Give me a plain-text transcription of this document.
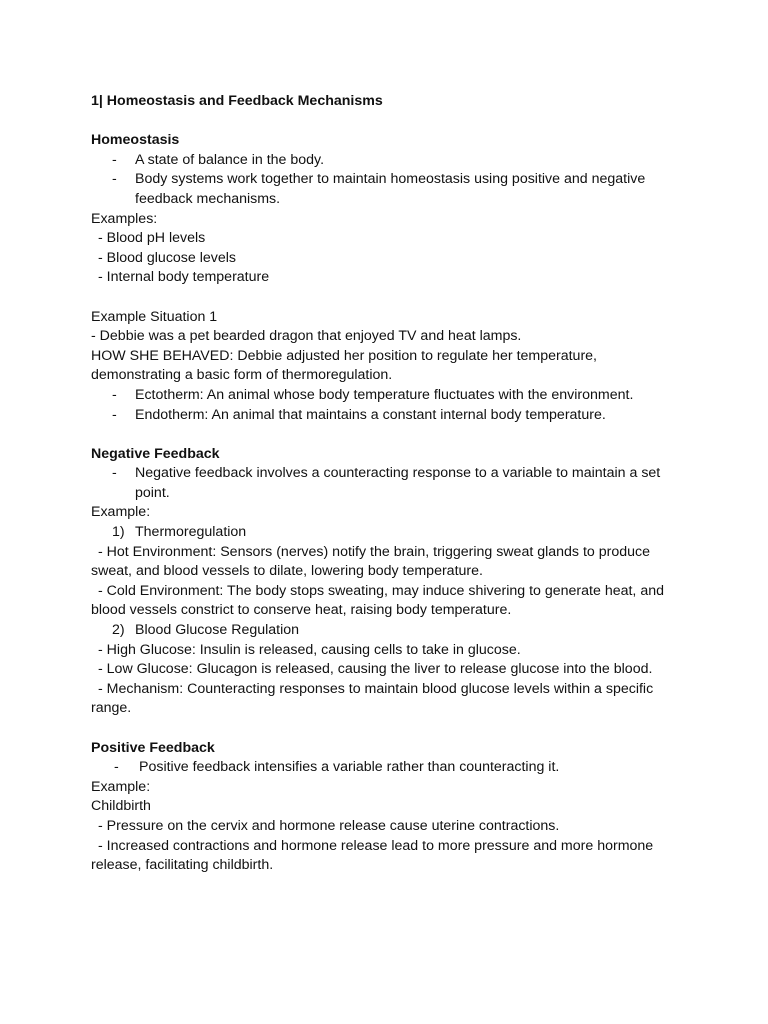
1| Homeostasis and Feedback Mechanisms
Homeostasis
- A state of balance in the body.
- Body systems work together to maintain homeostasis using positive and negative
feedback mechanisms.
Examples:
- Blood pH levels
- Blood glucose levels
- Internal body temperature
Example Situation 1
- Debbie was a pet bearded dragon that enjoyed TV and heat lamps.
HOW SHE BEHAVED: Debbie adjusted her position to regulate her temperature,
demonstrating a basic form of thermoregulation.
- Ectotherm: An animal whose body temperature fluctuates with the environment.
- Endotherm: An animal that maintains a constant internal body temperature.
Negative Feedback
- Negative feedback involves a counteracting response to a variable to maintain a set
point.
Example:
1) Thermoregulation
- Hot Environment: Sensors (nerves) notify the brain, triggering sweat glands to produce
sweat, and blood vessels to dilate, lowering body temperature.
- Cold Environment: The body stops sweating, may induce shivering to generate heat, and
blood vessels constrict to conserve heat, raising body temperature.
2) Blood Glucose Regulation
- High Glucose: Insulin is released, causing cells to take in glucose.
- Low Glucose: Glucagon is released, causing the liver to release glucose into the blood.
- Mechanism: Counteracting responses to maintain blood glucose levels within a specific
range.
Positive Feedback
- Positive feedback intensifies a variable rather than counteracting it.
Example:
Childbirth
- Pressure on the cervix and hormone release cause uterine contractions.
- Increased contractions and hormone release lead to more pressure and more hormone
release, facilitating childbirth.
